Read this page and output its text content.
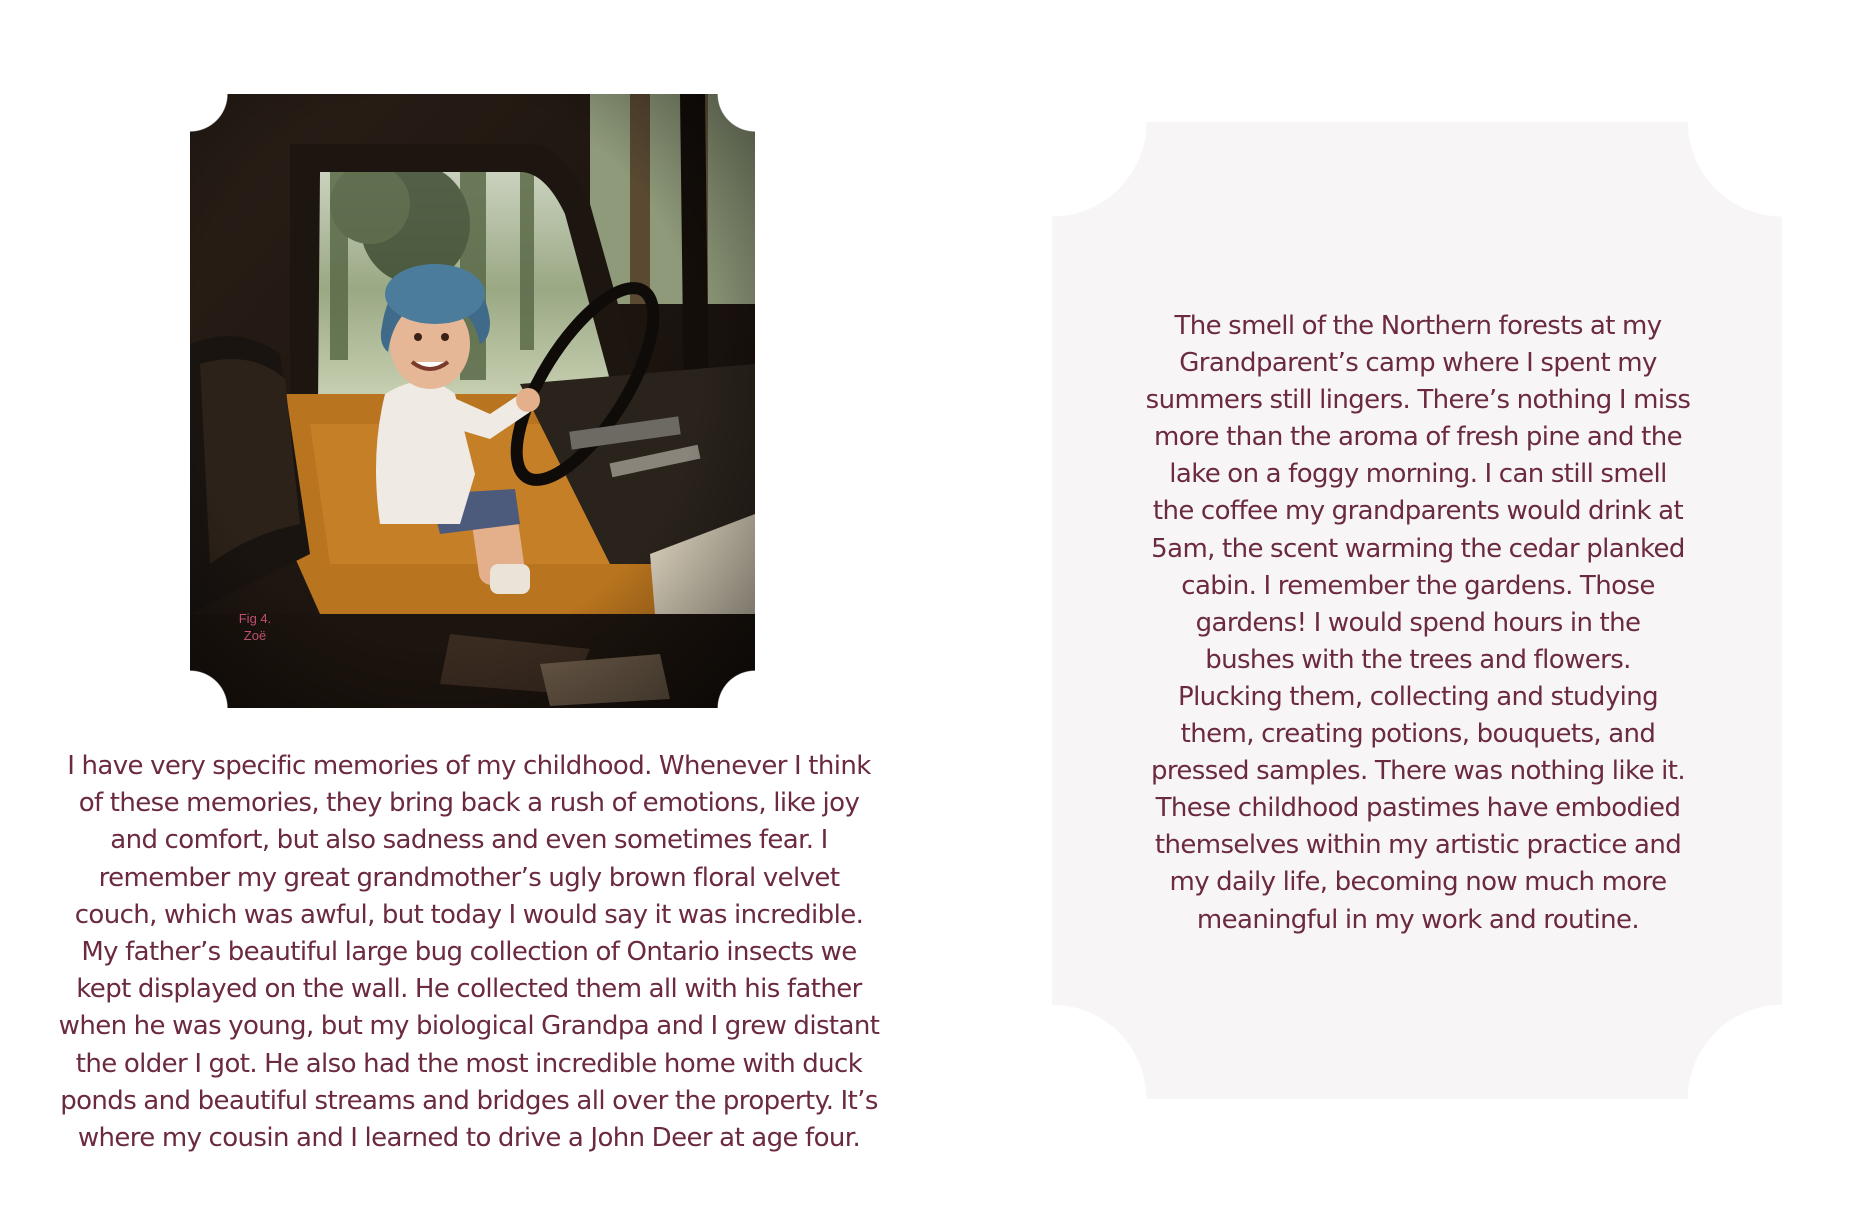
Fig 4.
Zoë

I have very specific memories of my childhood. Whenever I think
of these memories, they bring back a rush of emotions, like joy
and comfort, but also sadness and even sometimes fear. I
remember my great grandmother’s ugly brown floral velvet
couch, which was awful, but today I would say it was incredible.
My father’s beautiful large bug collection of Ontario insects we
kept displayed on the wall. He collected them all with his father
when he was young, but my biological Grandpa and I grew distant
the older I got. He also had the most incredible home with duck
ponds and beautiful streams and bridges all over the property. It’s
where my cousin and I learned to drive a John Deer at age four.

The smell of the Northern forests at my
Grandparent’s camp where I spent my
summers still lingers. There’s nothing I miss
more than the aroma of fresh pine and the
lake on a foggy morning. I can still smell
the coffee my grandparents would drink at
5am, the scent warming the cedar planked
cabin. I remember the gardens. Those
gardens! I would spend hours in the
bushes with the trees and flowers.
Plucking them, collecting and studying
them, creating potions, bouquets, and
pressed samples. There was nothing like it.
These childhood pastimes have embodied
themselves within my artistic practice and
my daily life, becoming now much more
meaningful in my work and routine.
